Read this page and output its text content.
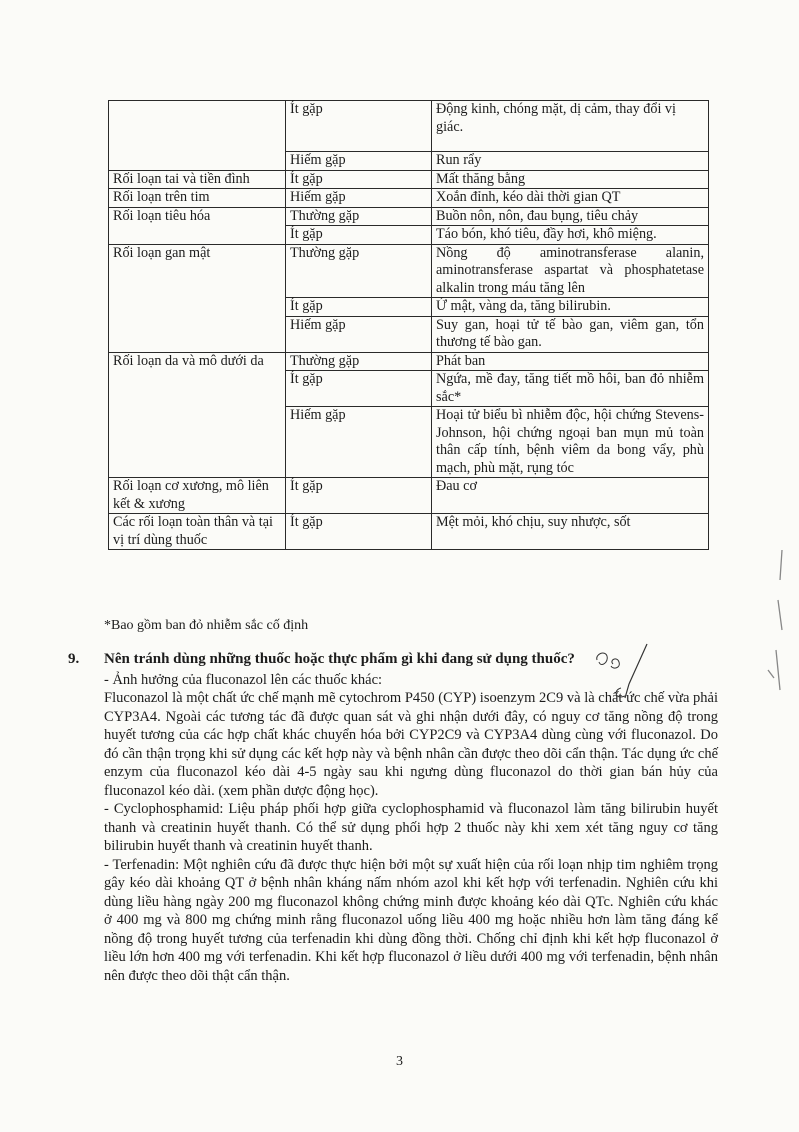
	Ít gặp	Động kinh, chóng mặt, dị cảm, thay đổi vị giác.
	Hiếm gặp	Run rẩy
Rối loạn tai và tiền đình	Ít gặp	Mất thăng bằng
Rối loạn trên tim	Hiếm gặp	Xoắn đỉnh, kéo dài thời gian QT
Rối loạn tiêu hóa	Thường gặp	Buồn nôn, nôn, đau bụng, tiêu chảy
	Ít gặp	Táo bón, khó tiêu, đầy hơi, khô miệng.
Rối loạn gan mật	Thường gặp	Nồng độ aminotransferase alanin, aminotransferase aspartat và phosphatetase alkalin trong máu tăng lên
	Ít gặp	Ứ mật, vàng da, tăng bilirubin.
	Hiếm gặp	Suy gan, hoại tử tế bào gan, viêm gan, tổn thương tế bào gan.
Rối loạn da và mô dưới da	Thường gặp	Phát ban
	Ít gặp	Ngứa, mề đay, tăng tiết mồ hôi, ban đỏ nhiễm sắc*
	Hiếm gặp	Hoại tử biểu bì nhiễm độc, hội chứng Stevens-Johnson, hội chứng ngoại ban mụn mủ toàn thân cấp tính, bệnh viêm da bong vẩy, phù mạch, phù mặt, rụng tóc
Rối loạn cơ xương, mô liên kết & xương	Ít gặp	Đau cơ
Các rối loạn toàn thân và tại vị trí dùng thuốc	Ít gặp	Mệt mỏi, khó chịu, suy nhược, sốt
*Bao gồm ban đỏ nhiễm sắc cố định
9.	Nên tránh dùng những thuốc hoặc thực phẩm gì khi đang sử dụng thuốc?

- Ảnh hưởng của fluconazol lên các thuốc khác:

Fluconazol là một chất ức chế mạnh mẽ cytochrom P450 (CYP) isoenzym 2C9 và là chất ức chế vừa phải CYP3A4. Ngoài các tương tác đã được quan sát và ghi nhận dưới đây, có nguy cơ tăng nồng độ trong huyết tương của các hợp chất khác chuyển hóa bởi CYP2C9 và CYP3A4 dùng cùng với fluconazol. Do đó cần thận trọng khi sử dụng các kết hợp này và bệnh nhân cần được theo dõi cẩn thận. Tác dụng ức chế enzym của fluconazol kéo dài 4-5 ngày sau khi ngưng dùng fluconazol do thời gian bán hủy của fluconazol kéo dài. (xem phần dược động học).

- Cyclophosphamid: Liệu pháp phối hợp giữa cyclophosphamid và fluconazol làm tăng bilirubin huyết thanh và creatinin huyết thanh. Có thể sử dụng phối hợp 2 thuốc này khi xem xét tăng nguy cơ tăng bilirubin huyết thanh và creatinin huyết thanh.

- Terfenadin: Một nghiên cứu đã được thực hiện bởi một sự xuất hiện của rối loạn nhịp tim nghiêm trọng gây kéo dài khoảng QT ở bệnh nhân kháng nấm nhóm azol khi kết hợp với terfenadin. Nghiên cứu khi dùng liều hàng ngày 200 mg fluconazol không chứng minh được khoảng kéo dài QTc. Nghiên cứu khác ở 400 mg và 800 mg chứng minh rằng fluconazol uống liều 400 mg hoặc nhiều hơn làm tăng đáng kể nồng độ trong huyết tương của terfenadin khi dùng đồng thời. Chống chỉ định khi kết hợp fluconazol ở liều lớn hơn 400 mg với terfenadin. Khi kết hợp fluconazol ở liều dưới 400 mg với terfenadin, bệnh nhân nên được theo dõi thật cẩn thận.

3
